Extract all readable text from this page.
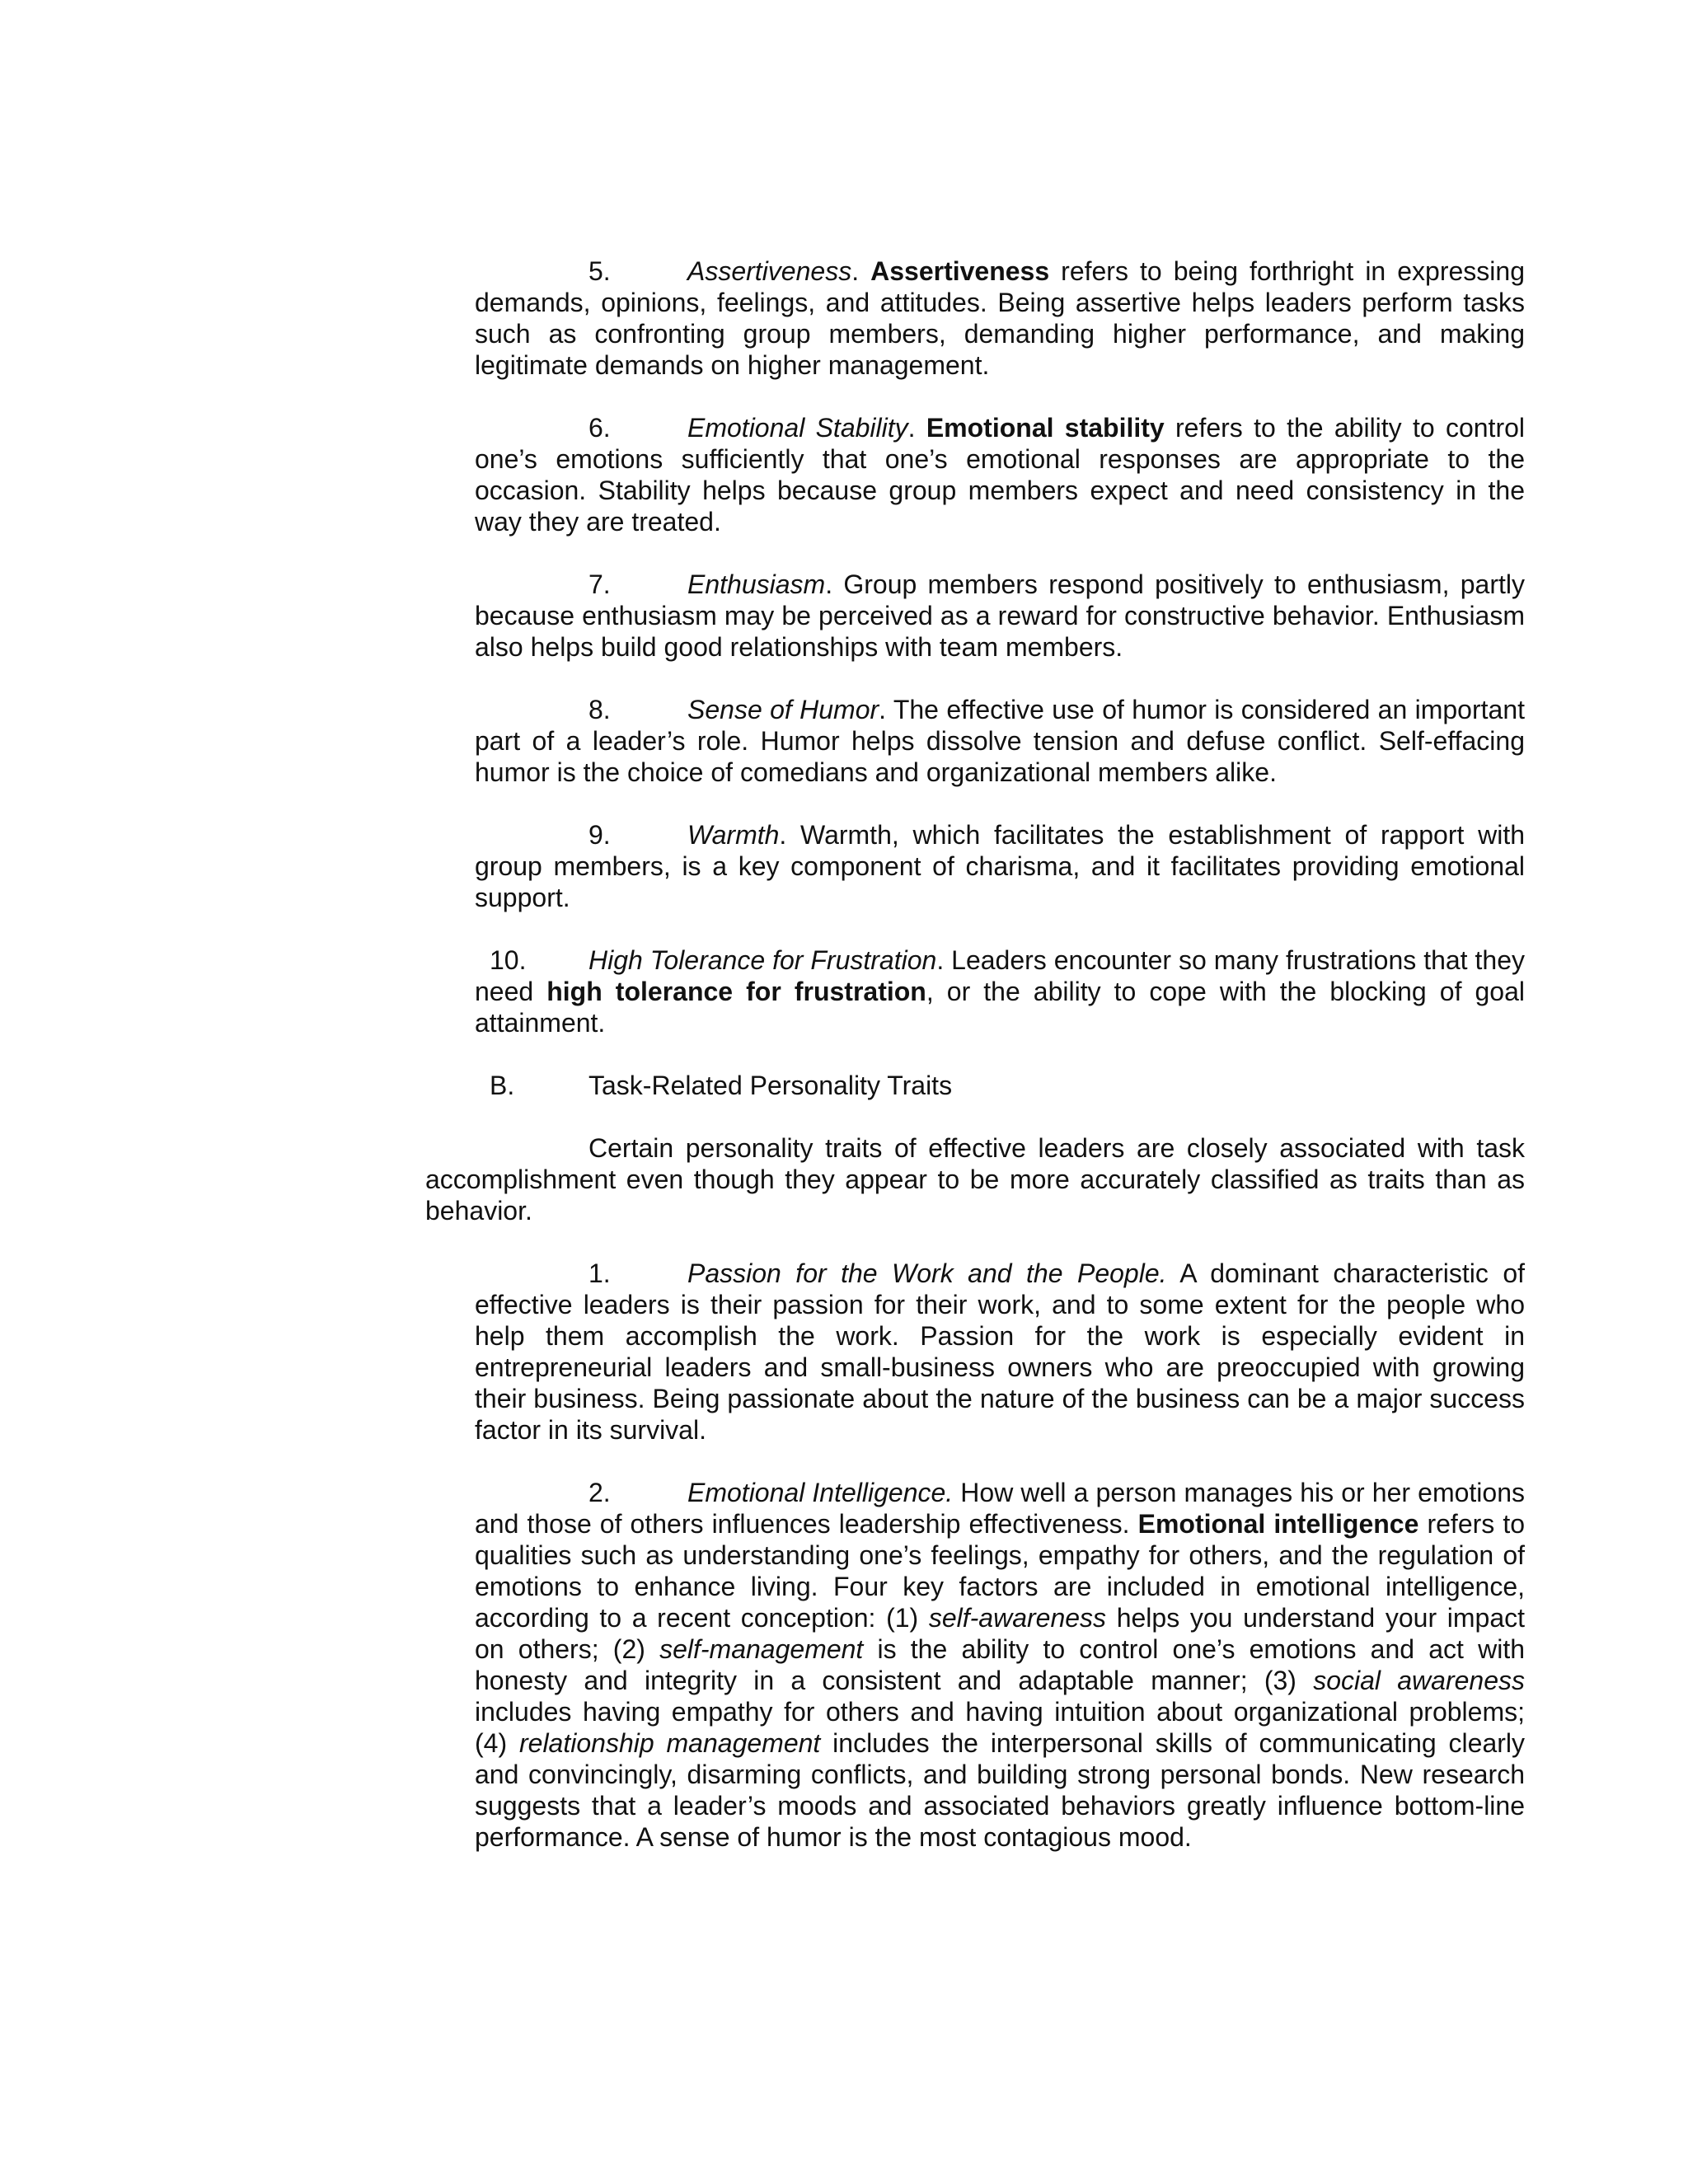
5.	Assertiveness. Assertiveness refers to being forthright in expressing demands, opinions, feelings, and attitudes. Being assertive helps leaders perform tasks such as confronting group members, demanding higher performance, and making legitimate demands on higher management.

6.	Emotional Stability. Emotional stability refers to the ability to control one’s emotions sufficiently that one’s emotional responses are appropriate to the occasion. Stability helps because group members expect and need consistency in the way they are treated.

7.	Enthusiasm. Group members respond positively to enthusiasm, partly because enthusiasm may be perceived as a reward for constructive behavior. Enthusiasm also helps build good relationships with team members.

8.	Sense of Humor. The effective use of humor is considered an important part of a leader’s role. Humor helps dissolve tension and defuse conflict. Self-effacing humor is the choice of comedians and organizational members alike.

9.	Warmth. Warmth, which facilitates the establishment of rapport with group members, is a key component of charisma, and it facilitates providing emotional support.

10. High Tolerance for Frustration. Leaders encounter so many frustrations that they need high tolerance for frustration, or the ability to cope with the blocking of goal attainment.

B.	Task-Related Personality Traits

Certain personality traits of effective leaders are closely associated with task accomplishment even though they appear to be more accurately classified as traits than as behavior.

1.	Passion for the Work and the People. A dominant characteristic of effective leaders is their passion for their work, and to some extent for the people who help them accomplish the work. Passion for the work is especially evident in entrepreneurial leaders and small-business owners who are preoccupied with growing their business. Being passionate about the nature of the business can be a major success factor in its survival.

2.	Emotional Intelligence. How well a person manages his or her emotions and those of others influences leadership effectiveness. Emotional intelligence refers to qualities such as understanding one’s feelings, empathy for others, and the regulation of emotions to enhance living. Four key factors are included in emotional intelligence, according to a recent conception: (1) self-awareness helps you understand your impact on others; (2) self-management is the ability to control one’s emotions and act with honesty and integrity in a consistent and adaptable manner; (3) social awareness includes having empathy for others and having intuition about organizational problems; (4) relationship management includes the interpersonal skills of communicating clearly and convincingly, disarming conflicts, and building strong personal bonds. New research suggests that a leader’s moods and associated behaviors greatly influence bottom-line performance. A sense of humor is the most contagious mood.
